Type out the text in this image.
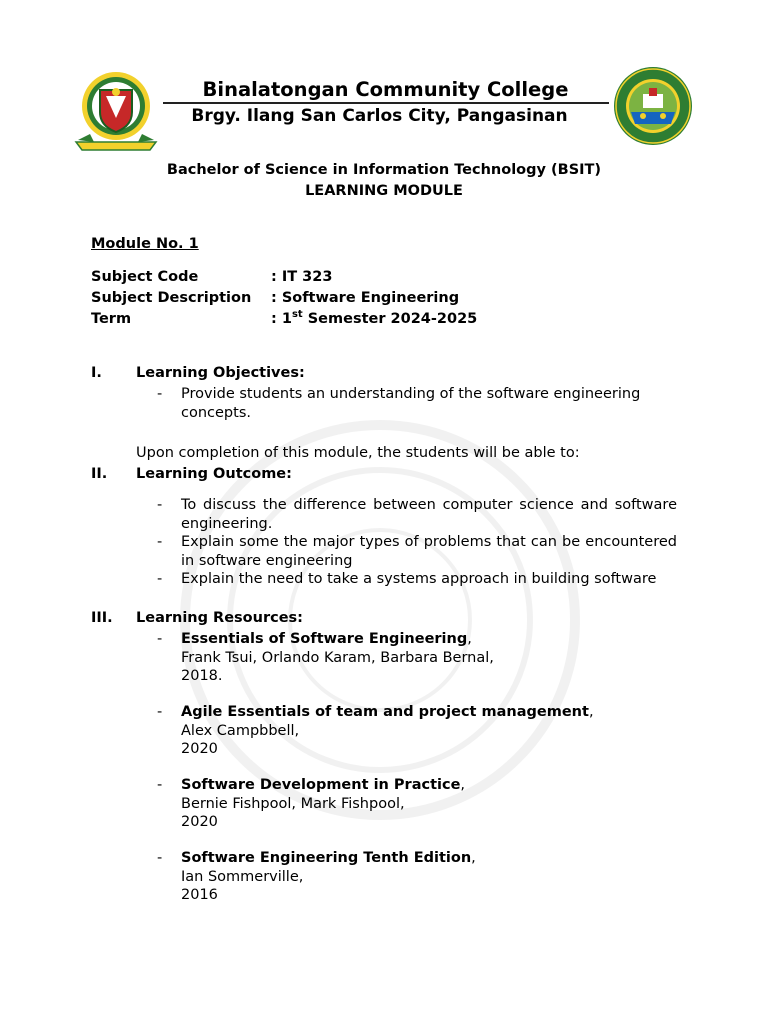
Binalatongan Community College
Brgy. Ilang San Carlos City, Pangasinan
Bachelor of Science in Information Technology (BSIT)
LEARNING MODULE
Module No. 1
Subject Code	: IT 323
Subject Description : Software Engineering
Term	: 1st Semester 2024-2025
I. Learning Objectives:
- Provide students an understanding of the software engineering concepts.
Upon completion of this module, the students will be able to:
II. Learning Outcome:
- To discuss the difference between computer science and software engineering.
- Explain some the major types of problems that can be encountered in software engineering
- Explain the need to take a systems approach in building software
III. Learning Resources:
- Essentials of Software Engineering,
Frank Tsui, Orlando Karam, Barbara Bernal,
2018.
- Agile Essentials of team and project management,
Alex Campbbell,
2020
- Software Development in Practice,
Bernie Fishpool, Mark Fishpool,
2020
- Software Engineering Tenth Edition,
Ian Sommerville,
2016
